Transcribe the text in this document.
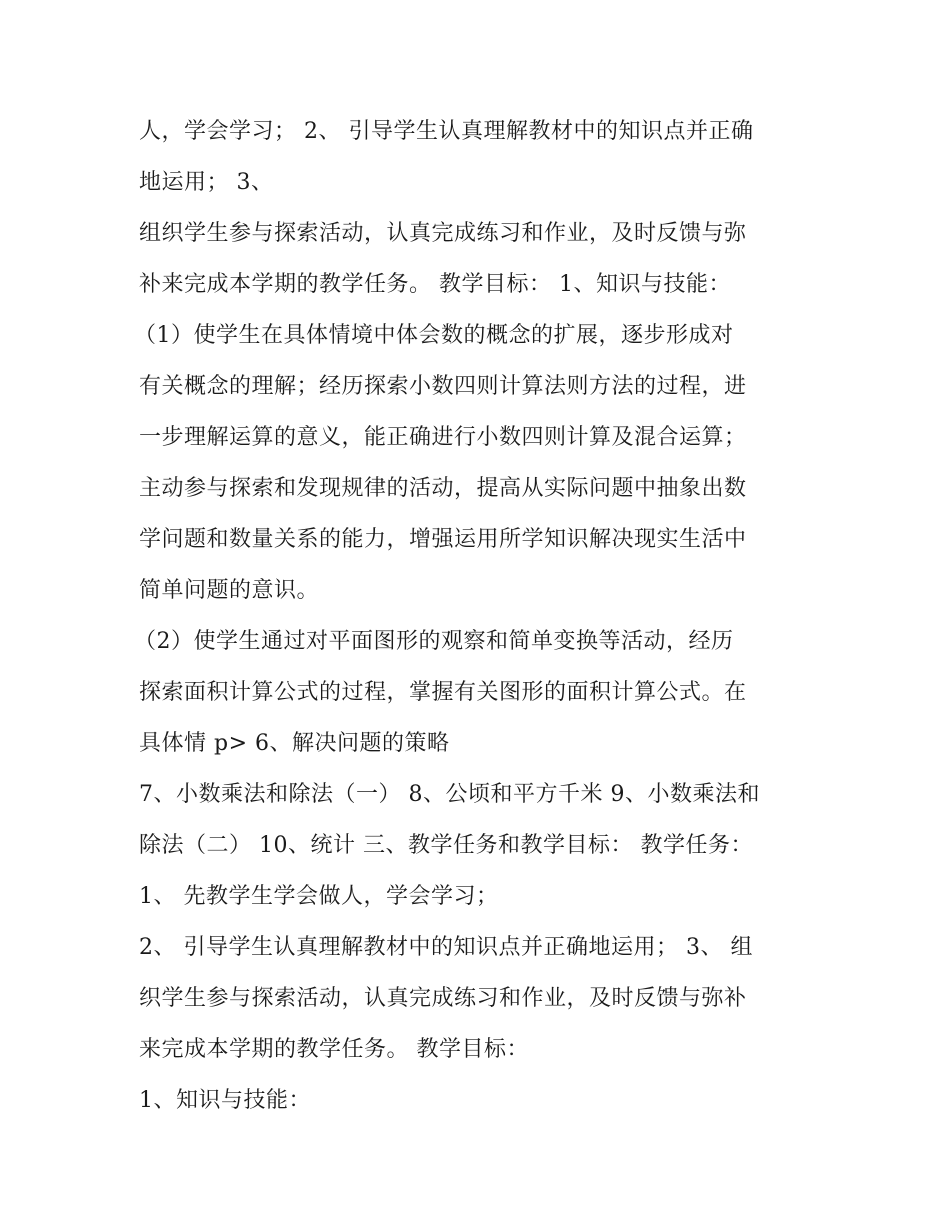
人，学会学习； 2、 引导学生认真理解教材中的知识点并正确
地运用； 3、
组织学生参与探索活动，认真完成练习和作业，及时反馈与弥
补来完成本学期的教学任务。 教学目标： 1、知识与技能：
（1）使学生在具体情境中体会数的概念的扩展，逐步形成对
有关概念的理解；经历探索小数四则计算法则方法的过程，进
一步理解运算的意义，能正确进行小数四则计算及混合运算；
主动参与探索和发现规律的活动，提高从实际问题中抽象出数
学问题和数量关系的能力，增强运用所学知识解决现实生活中
简单问题的意识。
（2）使学生通过对平面图形的观察和简单变换等活动，经历
探索面积计算公式的过程，掌握有关图形的面积计算公式。在
具体情 p> 6、解决问题的策略
7、小数乘法和除法（一） 8、公顷和平方千米 9、小数乘法和
除法（二） 10、统计 三、教学任务和教学目标： 教学任务：
1、 先教学生学会做人，学会学习；
2、 引导学生认真理解教材中的知识点并正确地运用； 3、 组
织学生参与探索活动，认真完成练习和作业，及时反馈与弥补
来完成本学期的教学任务。 教学目标：
1、知识与技能：
